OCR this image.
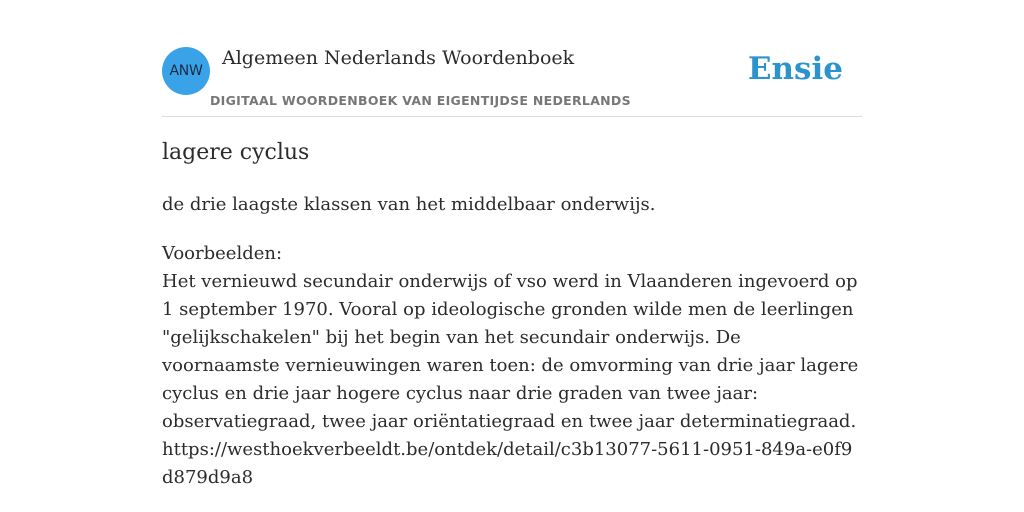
ANW
Algemeen Nederlands Woordenboek
DIGITAAL WOORDENBOEK VAN EIGENTIJDSE NEDERLANDS
Ensie
lagere cyclus
de drie laagste klassen van het middelbaar onderwijs.
Voorbeelden:
Het vernieuwd secundair onderwijs of vso werd in Vlaanderen ingevoerd op 1 september 1970. Vooral op ideologische gronden wilde men de leerlingen "gelijkschakelen" bij het begin van het secundair onderwijs. De voornaamste vernieuwingen waren toen: de omvorming van drie jaar lagere cyclus en drie jaar hogere cyclus naar drie graden van twee jaar: observatiegraad, twee jaar oriëntatiegraad en twee jaar determinatiegraad.
https://westhoekverbeeldt.be/ontdek/detail/c3b13077-5611-0951-849a-e0f9d879d9a8
